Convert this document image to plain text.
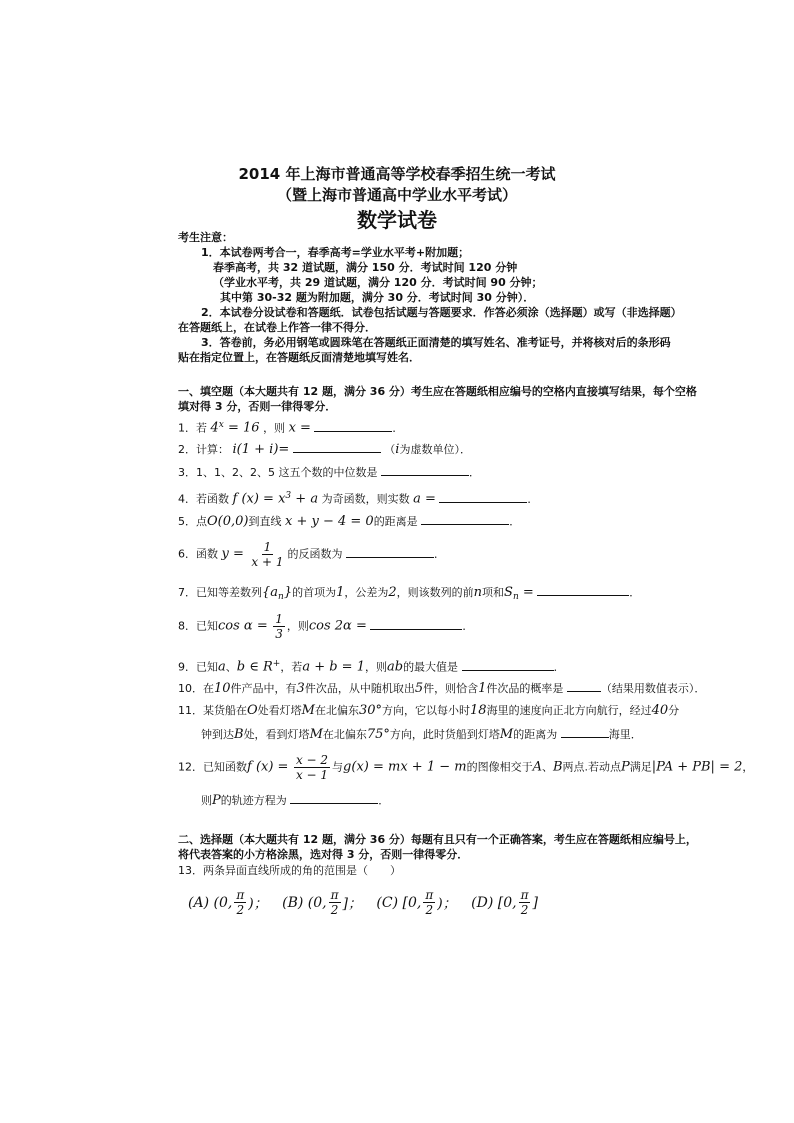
2014 年上海市普通高等学校春季招生统一考试
（暨上海市普通高中学业水平考试）
数学试卷
考生注意：
1．本试卷两考合一，春季高考=学业水平考+附加题；
春季高考，共 32 道试题，满分 150 分．考试时间 120 分钟
（学业水平考，共 29 道试题，满分 120 分．考试时间 90 分钟；
其中第 30-32 题为附加题，满分 30 分．考试时间 30 分钟）．
2．本试卷分设试卷和答题纸．试卷包括试题与答题要求．作答必须涂（选择题）或写（非选择题）
在答题纸上，在试卷上作答一律不得分．
3．答卷前，务必用钢笔或圆珠笔在答题纸正面清楚的填写姓名、准考证号，并将核对后的条形码
贴在指定位置上，在答题纸反面清楚地填写姓名．
一、填空题（本大题共有 12 题，满分 36 分）考生应在答题纸相应编号的空格内直接填写结果，每个空格
填对得 3 分，否则一律得零分．
1．若 $4^x = 16$ ，则 x =	．
2．计算： i(1 + i)=	（i为虚数单位）．
3．1、1、2、2、5 这五个数的中位数是	．
4．若函数 f $(x) = x^3 + a$ 为奇函数，则实数 a =	．
5．点O(0,0)到直线 x + y − 4 = 0的距离是	．
6．函数 $y = \frac{1}{x + 1}$ 的反函数为	．
7．已知等差数列$\{a_n\}$的首项为1，公差为2，则该数列的前n项和$S_n$ =	．
8．已知$\cos \alpha = \frac{1}{3}$ ，则cos 2α =	．
9．已知a、b ∈ R+，若a + b = 1，则ab的最大值是	．
10．在10件产品中，有3件次品，从中随机取出5件，则恰含1件次品的概率是	（结果用数值表示）．
11．某货船在O处看灯塔M在北偏东30°方向，它以每小时18海里的速度向正北方向航行，经过40分
钟到达B处，看到灯塔M在北偏东75°方向，此时货船到灯塔M的距离为	海里．
12．已知函数f $(x) = \frac{x - 2}{x - 1}$ 与g(x) = mx + 1 − m的图像相交于A、B两点.若动点P满足|PA + PB| = 2，
则P的轨迹方程为	．
二、选择题（本大题共有 12 题，满分 36 分）每题有且只有一个正确答案，考生应在答题纸相应编号上，
将代表答案的小方格涂黑，选对得 3 分，否则一律得零分．
13．两条异面直线所成的角的范围是（　　）
(A) (0, $\frac{\pi}{2}$ )；
(B) (0, $\frac{\pi}{2}$ ]；
(C) [0, $\frac{\pi}{2}$ )；
(D) [0, $\frac{\pi}{2}$ ]
